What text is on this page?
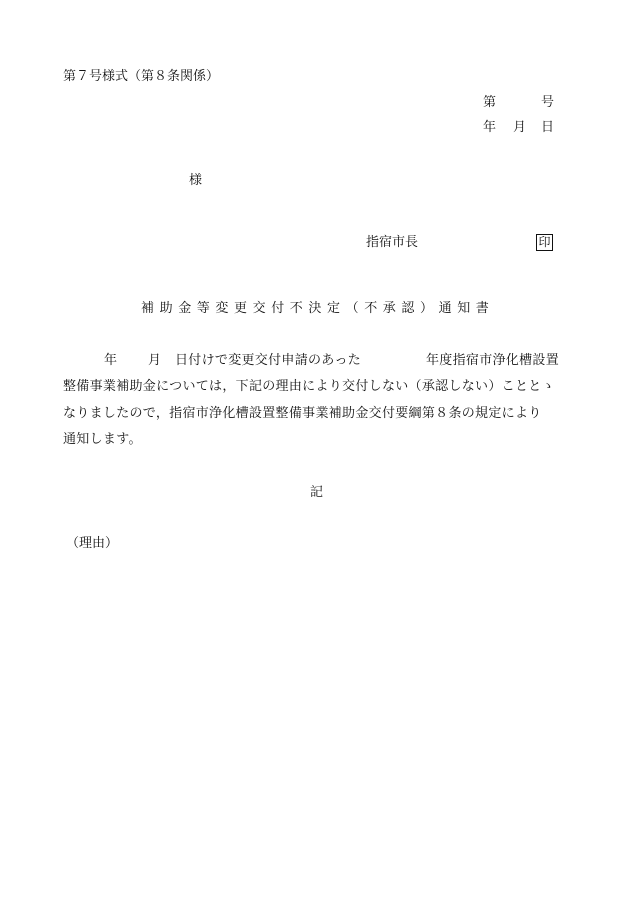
第７号様式（第８条関係）
第	号
年 月 日
様
指宿市長	印
補助金等変更交付不決定（不承認）通知書
年 月 日付けで変更交付申請のあった	年度指宿市浄化槽設置
整備事業補助金については，下記の理由により交付しない（承認しない）こととゝ
なりましたので，指宿市浄化槽設置整備事業補助金交付要綱第８条の規定により
通知します。
記
（理由）
